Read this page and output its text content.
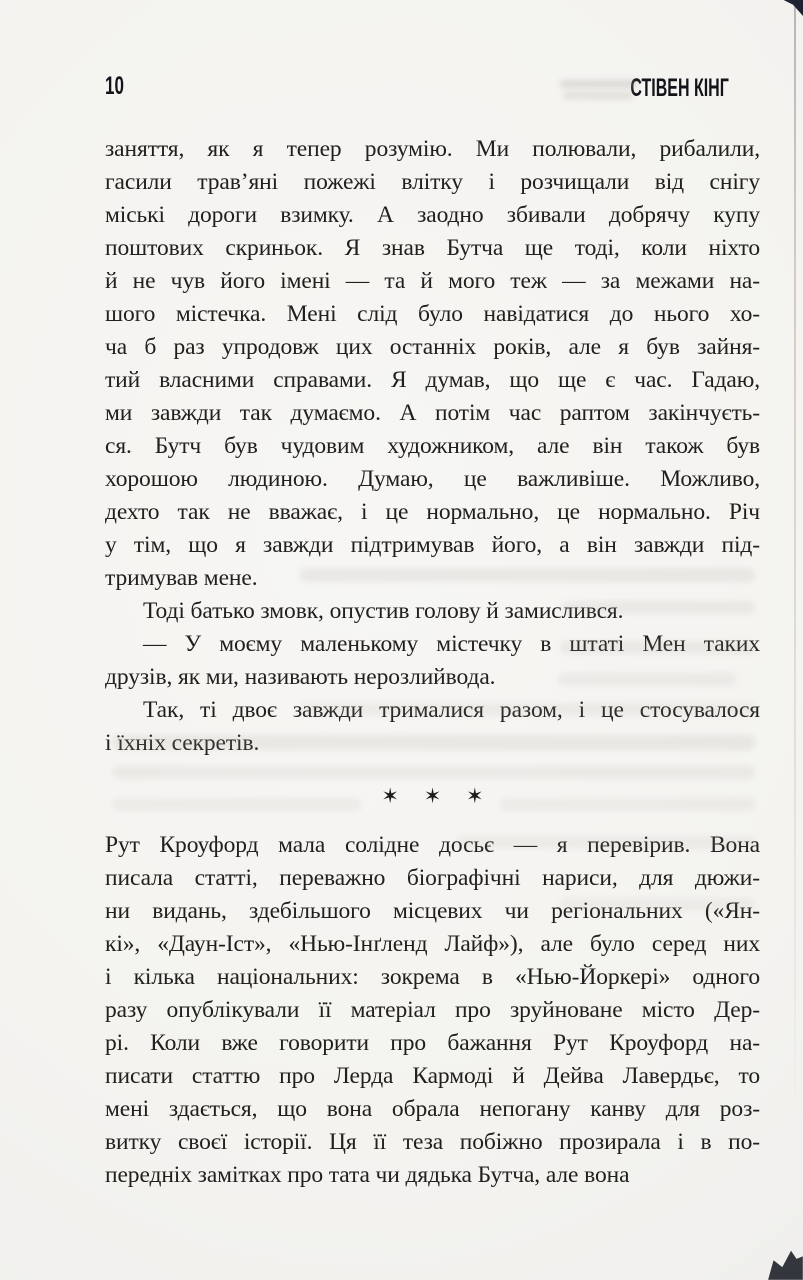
10	СТІВЕН КІНГ
заняття, як я тепер розумію. Ми полювали, рибалили,
гасили трав’яні пожежі влітку і розчищали від снігу
міські дороги взимку. А заодно збивали добрячу купу
поштових скриньок. Я знав Бутча ще тоді, коли ніхто
й не чув його імені — та й мого теж — за межами на-
шого містечка. Мені слід було навідатися до нього хо-
ча б раз упродовж цих останніх років, але я був зайня-
тий власними справами. Я думав, що ще є час. Гадаю,
ми завжди так думаємо. А потім час раптом закінчуєть-
ся. Бутч був чудовим художником, але він також був
хорошою людиною. Думаю, це важливіше. Можливо,
дехто так не вважає, і це нормально, це нормально. Річ
у тім, що я завжди підтримував його, а він завжди під-
тримував мене.
Тоді батько змовк, опустив голову й замислився.
— У моєму маленькому містечку в штаті Мен таких
друзів, як ми, називають нерозлийвода.
Так, ті двоє завжди трималися разом, і це стосувалося
і їхніх секретів.
✶ ✶ ✶
Рут Кроуфорд мала солідне досьє — я перевірив. Вона
писала статті, переважно біографічні нариси, для дюжи-
ни видань, здебільшого місцевих чи регіональних («Ян-
кі», «Даун-Іст», «Нью-Інґленд Лайф»), але було серед них
і кілька національних: зокрема в «Нью-Йоркері» одного
разу опублікували її матеріал про зруйноване місто Дер-
рі. Коли вже говорити про бажання Рут Кроуфорд на-
писати статтю про Лерда Кармоді й Дейва Лавердьє, то
мені здається, що вона обрала непогану канву для роз-
витку своєї історії. Ця її теза побіжно прозирала і в по-
передніх замітках про тата чи дядька Бутча, але вона
